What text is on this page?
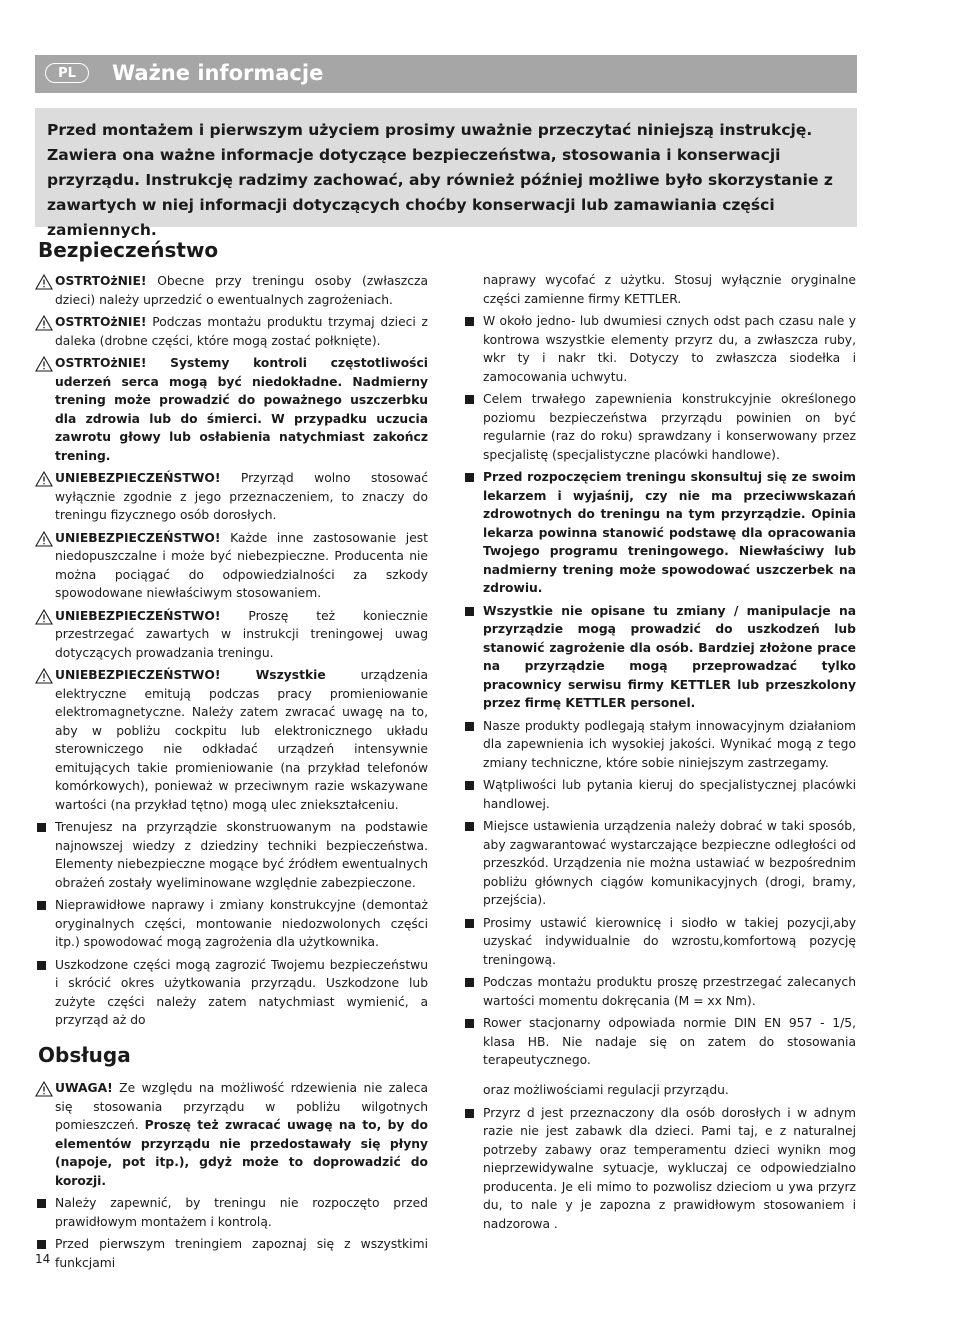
PL	Ważne informacje
Przed montażem i pierwszym użyciem prosimy uważnie przeczytać niniejszą instrukcję. Zawiera ona ważne informacje dotyczące bezpieczeństwa, stosowania i konserwacji przyrządu. Instrukcję radzimy zachować, aby również później możliwe było skorzystanie z zawartych w niej informacji dotyczących choćby konserwacji lub zamawiania części zamiennych.
Bezpieczeństwo

OSTRTOżNIE! Obecne przy treningu osoby (zwłaszcza dzieci) należy uprzedzić o ewentualnych zagrożeniach.

OSTRTOżNIE! Podczas montażu produktu trzymaj dzieci z daleka (drobne części, które mogą zostać połknięte).

OSTRTOżNIE! Systemy kontroli częstotliwości uderzeń serca mogą być niedokładne. Nadmierny trening może prowadzić do poważnego uszczerbku dla zdrowia lub do śmierci. W przypadku uczucia zawrotu głowy lub osłabienia natychmiast zakończ trening.

UNIEBEZPIECZEŃSTWO! Przyrząd wolno stosować wyłącznie zgodnie z jego przeznaczeniem, to znaczy do treningu fizycznego osób dorosłych.

UNIEBEZPIECZEŃSTWO! Każde inne zastosowanie jest niedopuszczalne i może być niebezpieczne. Producenta nie można pociągać do odpowiedzialności za szkody spowodowane niewłaściwym stosowaniem.

UNIEBEZPIECZEŃSTWO! Proszę też koniecznie przestrzegać zawartych w instrukcji treningowej uwag dotyczących prowadzania treningu.

UNIEBEZPIECZEŃSTWO! Wszystkie urządzenia elektryczne emitują podczas pracy promieniowanie elektromagnetyczne. Należy zatem zwracać uwagę na to, aby w pobliżu cockpitu lub elektronicznego układu sterowniczego nie odkładać urządzeń intensywnie emitujących takie promieniowanie (na przykład telefonów komórkowych), ponieważ w przeciwnym razie wskazywane wartości (na przykład tętno) mogą ulec zniekształceniu.

Trenujesz na przyrządzie skonstruowanym na podstawie najnowszej wiedzy z dziedziny techniki bezpieczeństwa. Elementy niebezpieczne mogące być źródłem ewentualnych obrażeń zostały wyeliminowane względnie zabezpieczone.

Nieprawidłowe naprawy i zmiany konstrukcyjne (demontaż oryginalnych części, montowanie niedozwolonych części itp.) spowodować mogą zagrożenia dla użytkownika.

Uszkodzone części mogą zagrozić Twojemu bezpieczeństwu i skrócić okres użytkowania przyrządu. Uszkodzone lub zużyte części należy zatem natychmiast wymienić, a przyrząd aż do

naprawy wycofać z użytku. Stosuj wyłącznie oryginalne części zamienne firmy KETTLER.

W około jedno- lub dwumiesi cznych odst pach czasu nale y kontrowa wszystkie elementy przyrz du, a zwłaszcza ruby, wkr ty i nakr tki. Dotyczy to zwłaszcza siodełka i zamocowania uchwytu.

Celem trwałego zapewnienia konstrukcyjnie określonego poziomu bezpieczeństwa przyrządu powinien on być regularnie (raz do roku) sprawdzany i konserwowany przez specjalistę (specjalistyczne placówki handlowe).

Przed rozpoczęciem treningu skonsultuj się ze swoim lekarzem i wyjaśnij, czy nie ma przeciwwskazań zdrowotnych do treningu na tym przyrządzie. Opinia lekarza powinna stanowić podstawę dla opracowania Twojego programu treningowego. Niewłaściwy lub nadmierny trening może spowodować uszczerbek na zdrowiu.

Wszystkie nie opisane tu zmiany / manipulacje na przyrządzie mogą prowadzić do uszkodzeń lub stanowić zagrożenie dla osób. Bardziej złożone prace na przyrządzie mogą przeprowadzać tylko pracownicy serwisu firmy KETTLER lub przeszkolony przez firmę KETTLER personel.

Nasze produkty podlegają stałym innowacyjnym działaniom dla zapewnienia ich wysokiej jakości. Wynikać mogą z tego zmiany techniczne, które sobie niniejszym zastrzegamy.

Wątpliwości lub pytania kieruj do specjalistycznej placówki handlowej.

Miejsce ustawienia urządzenia należy dobrać w taki sposób, aby zagwarantować wystarczające bezpieczne odległości od przeszkód. Urządzenia nie można ustawiać w bezpośrednim pobliżu głównych ciągów komunikacyjnych (drogi, bramy, przejścia).

Prosimy ustawić kierownicę i siodło w takiej pozycji,aby uzyskać indywidualnie do wzrostu,komfortową pozycję treningową.

Podczas montażu produktu proszę przestrzegać zalecanych wartości momentu dokręcania (M = xx Nm).

Rower stacjonarny odpowiada normie DIN EN 957 - 1/5, klasa HB. Nie nadaje się on zatem do stosowania terapeutycznego.

Obsługa

UWAGA! Ze względu na możliwość rdzewienia nie zaleca się stosowania przyrządu w pobliżu wilgotnych pomieszczeń. Proszę też zwracać uwagę na to, by do elementów przyrządu nie przedostawały się płyny (napoje, pot itp.), gdyż może to doprowadzić do korozji.

Należy zapewnić, by treningu nie rozpoczęto przed prawidłowym montażem i kontrolą.

Przed pierwszym treningiem zapoznaj się z wszystkimi funkcjami

oraz możliwościami regulacji przyrządu.

Przyrz d jest przeznaczony dla osób dorosłych i w adnym razie nie jest zabawk dla dzieci. Pami taj, e z naturalnej potrzeby zabawy oraz temperamentu dzieci wynikn mog nieprzewidywalne sytuacje, wykluczaj ce odpowiedzialno producenta. Je eli mimo to pozwolisz dzieciom u ywa przyrz du, to nale y je zapozna z prawidłowym stosowaniem i nadzorowa .

14
